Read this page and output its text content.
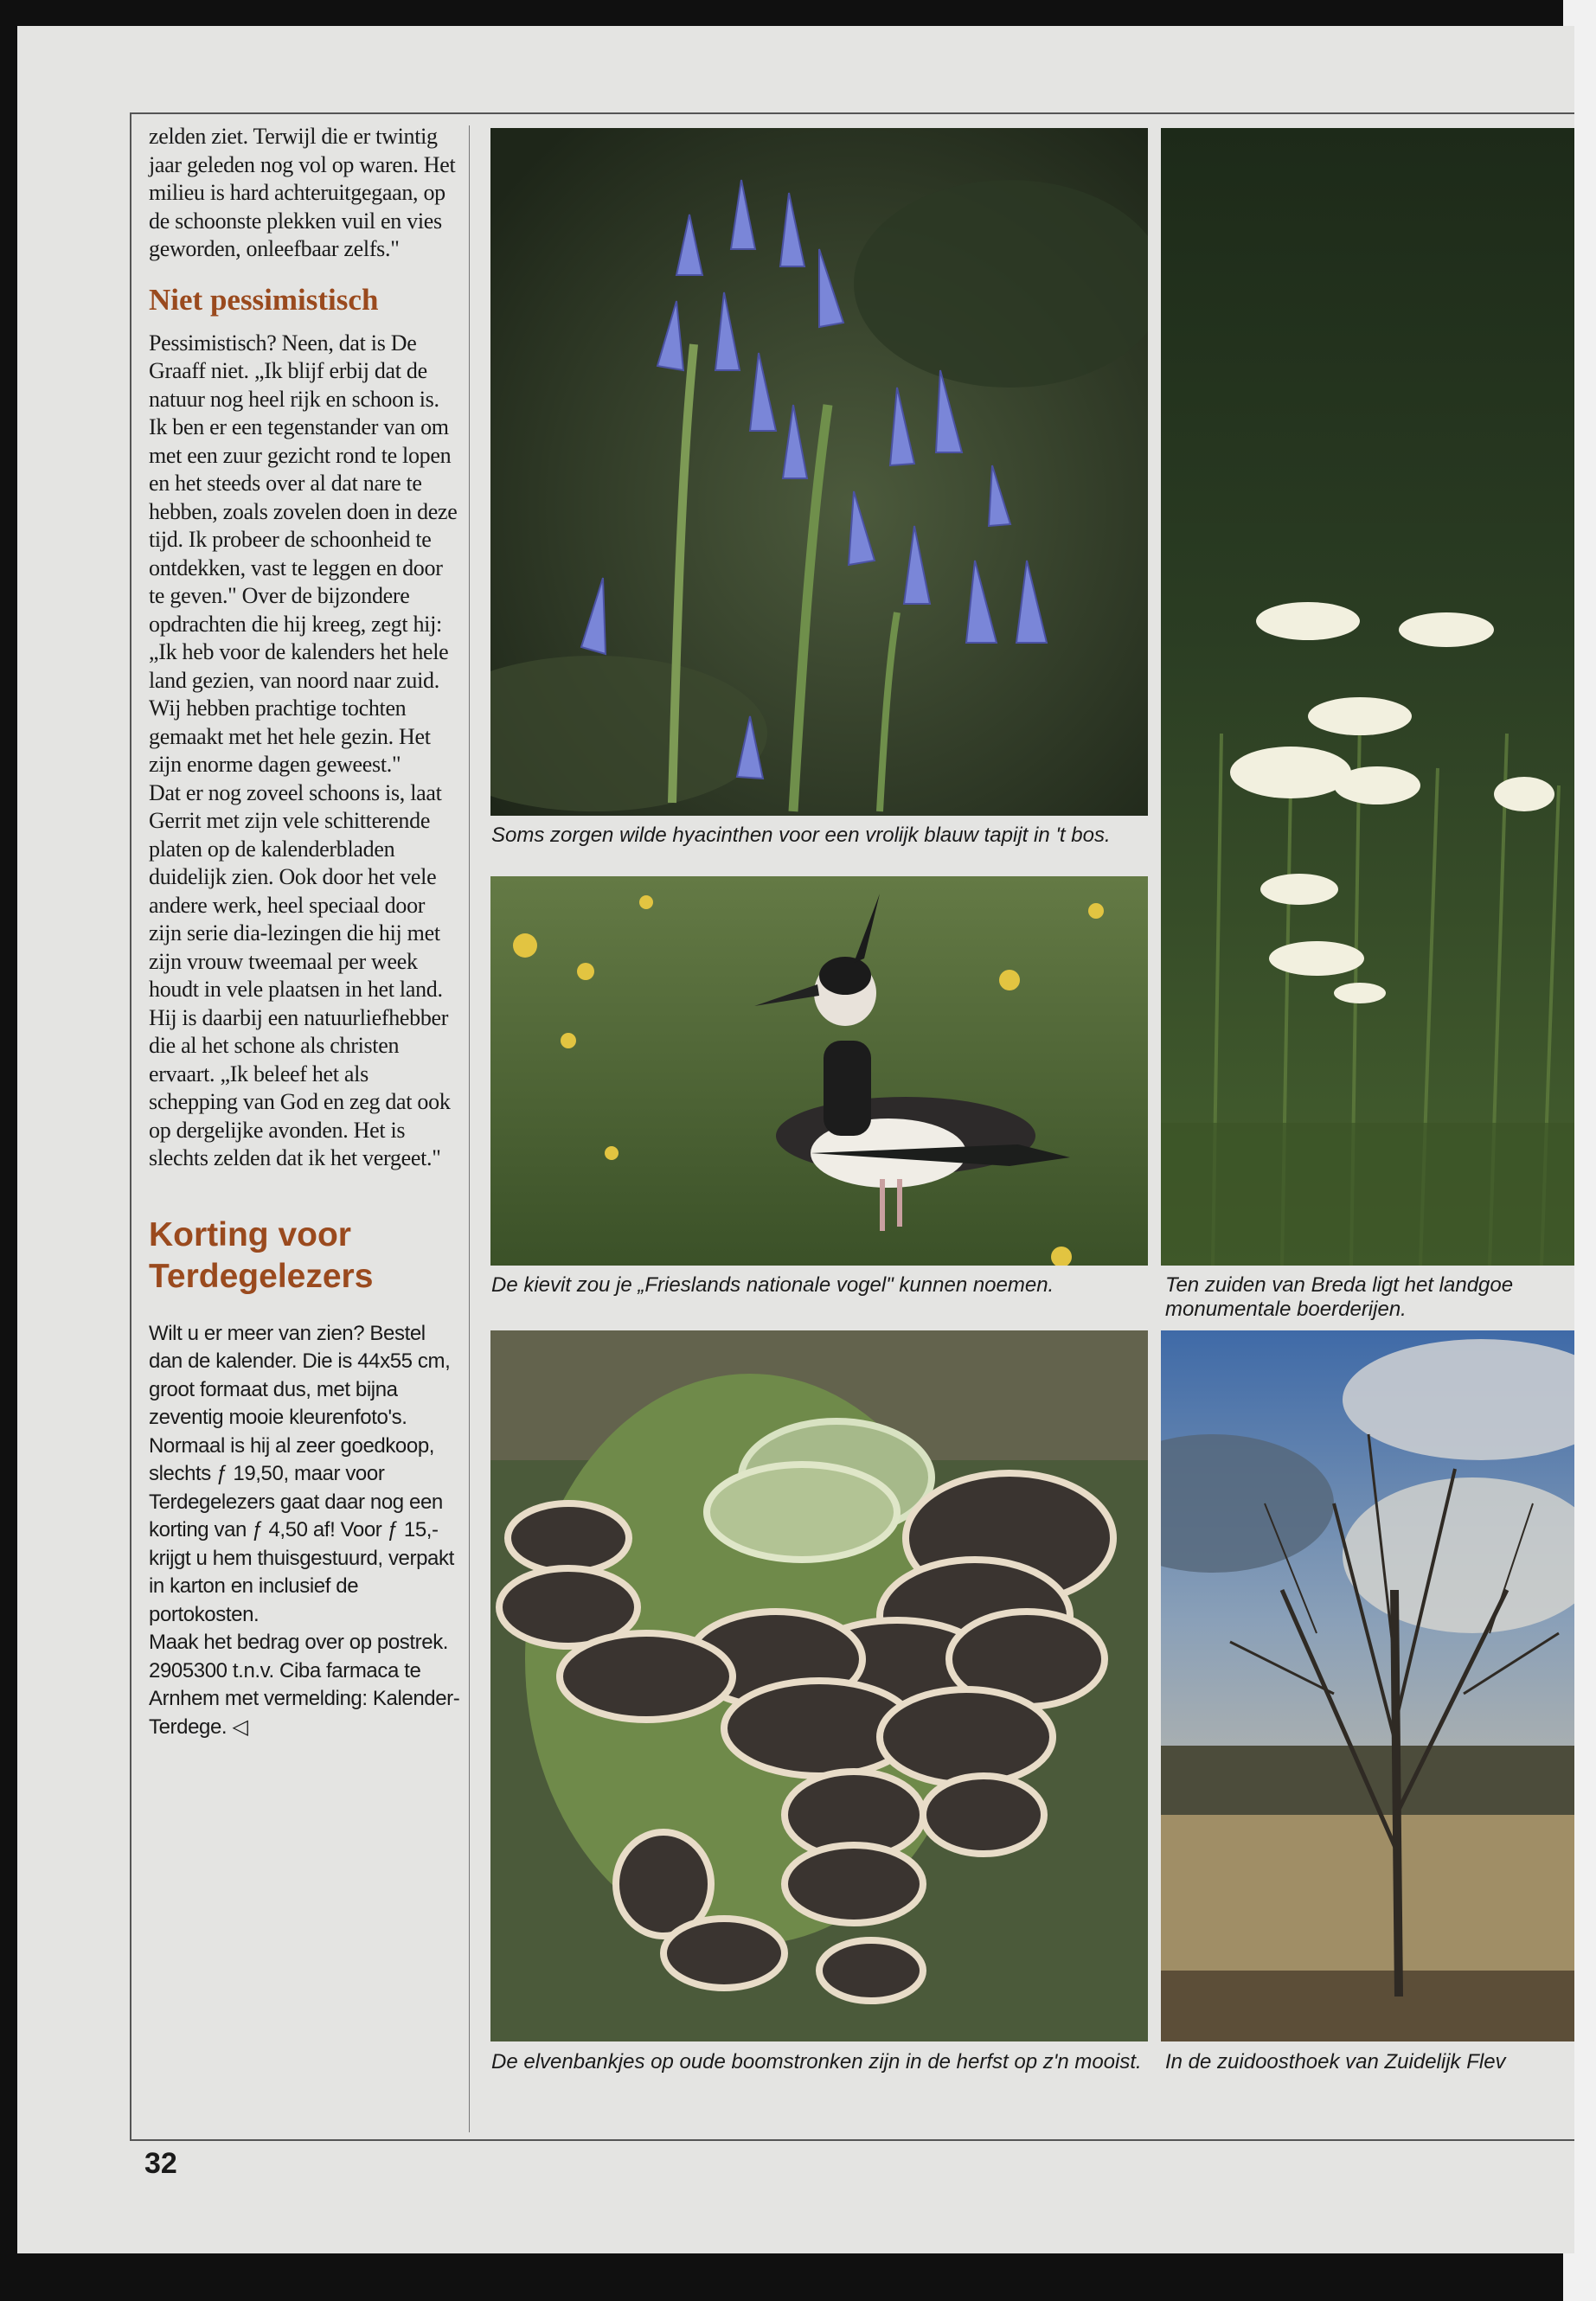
zelden ziet. Terwijl die er twintig jaar geleden nog vol op waren. Het milieu is hard achteruitgegaan, op de schoonste plekken vuil en vies geworden, onleefbaar zelfs."

Niet pessimistisch

Pessimistisch? Neen, dat is De Graaff niet. „Ik blijf erbij dat de natuur nog heel rijk en schoon is. Ik ben er een tegenstander van om met een zuur gezicht rond te lopen en het steeds over al dat nare te hebben, zoals zovelen doen in deze tijd. Ik probeer de schoonheid te ontdekken, vast te leggen en door te geven." Over de bijzondere opdrachten die hij kreeg, zegt hij: „Ik heb voor de kalenders het hele land gezien, van noord naar zuid. Wij hebben prachtige tochten gemaakt met het hele gezin. Het zijn enorme dagen geweest."

Dat er nog zoveel schoons is, laat Gerrit met zijn vele schitterende platen op de kalenderbladen duidelijk zien. Ook door het vele andere werk, heel speciaal door zijn serie dia-lezingen die hij met zijn vrouw tweemaal per week houdt in vele plaatsen in het land. Hij is daarbij een natuurliefhebber die al het schone als christen ervaart. „Ik beleef het als schepping van God en zeg dat ook op dergelijke avonden. Het is slechts zelden dat ik het vergeet."

Korting voor
Terdegelezers

Wilt u er meer van zien? Bestel dan de kalender. Die is 44x55 cm, groot formaat dus, met bijna zeventig mooie kleurenfoto's. Normaal is hij al zeer goedkoop, slechts ƒ 19,50, maar voor Terdegelezers gaat daar nog een korting van ƒ 4,50 af! Voor ƒ 15,- krijgt u hem thuisgestuurd, verpakt in karton en inclusief de portokosten.

Maak het bedrag over op postrek. 2905300 t.n.v. Ciba farmaca te Arnhem met vermelding: Kalender-Terdege. ◁

32

Soms zorgen wilde hyacinthen voor een vrolijk blauw tapijt in 't bos.

De kievit zou je „Frieslands nationale vogel" kunnen noemen.	Ten zuiden van Breda ligt het landgoe monumentale boerderijen.

De elvenbankjes op oude boomstronken zijn in de herfst op z'n mooist.	In de zuidoosthoek van Zuidelijk Flev
